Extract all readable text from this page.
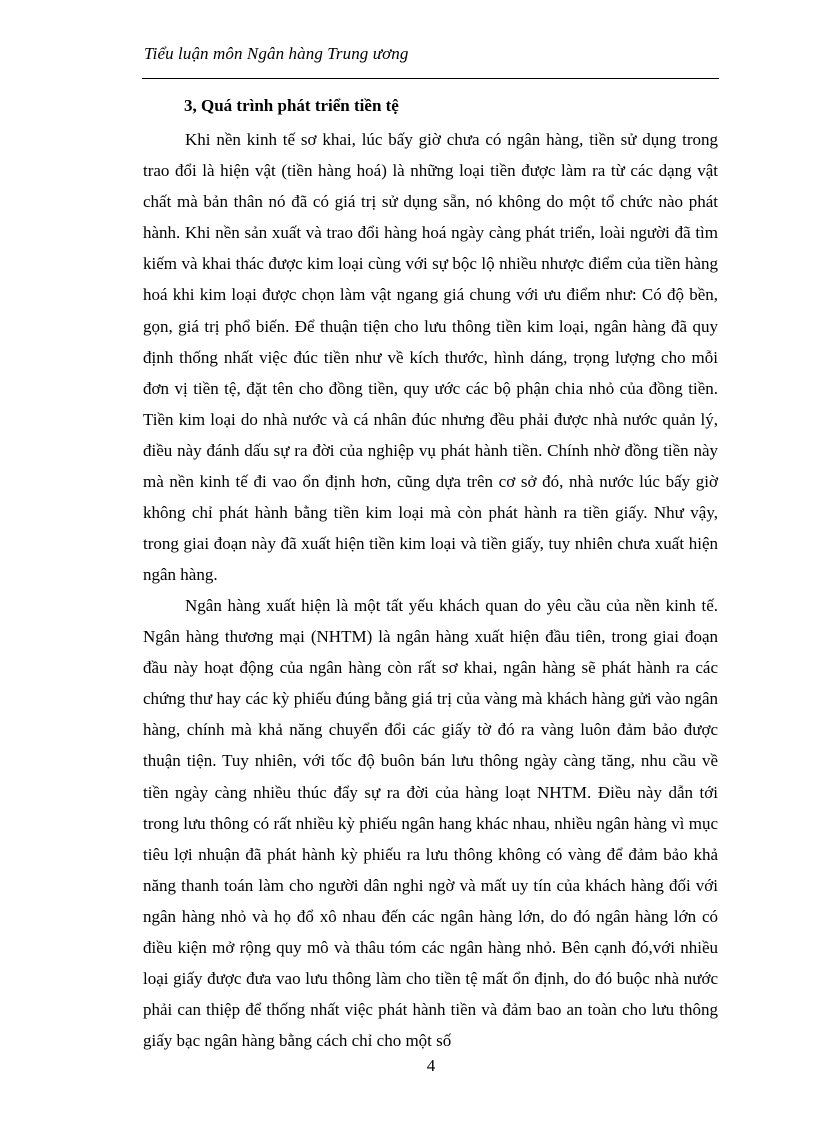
Tiểu luận môn Ngân hàng Trung ương
3, Quá trình phát triển tiền tệ

Khi nền kinh tế sơ khai, lúc bấy giờ chưa có ngân hàng, tiền sử dụng trong trao đổi là hiện vật (tiền hàng hoá) là những loại tiền được làm ra từ các dạng vật chất mà bản thân nó đã có giá trị sử dụng sẵn, nó không do một tổ chức nào phát hành. Khi nền sản xuất và trao đổi hàng hoá ngày càng phát triển, loài người đã tìm kiếm và khai thác được kim loại cùng với sự bộc lộ nhiều nhược điểm của tiền hàng hoá khi kim loại được chọn làm vật ngang giá chung với ưu điểm như: Có độ bền, gọn, giá trị phổ biến. Để thuận tiện cho lưu thông tiền kim loại, ngân hàng đã quy định thống nhất việc đúc tiền như về kích thước, hình dáng, trọng lượng cho mỗi đơn vị tiền tệ, đặt tên cho đồng tiền, quy ước các bộ phận chia nhỏ của đồng tiền. Tiền kim loại do nhà nước và cá nhân đúc nhưng đều phải được nhà nước quản lý, điều này đánh dấu sự ra đời của nghiệp vụ phát hành tiền. Chính nhờ đồng tiền này mà nền kinh tế đi vao ổn định hơn, cũng dựa trên cơ sở đó, nhà nước lúc bấy giờ không chỉ phát hành bằng tiền kim loại mà còn phát hành ra tiền giấy. Như vậy, trong giai đoạn này đã xuất hiện tiền kim loại và tiền giấy, tuy nhiên chưa xuất hiện ngân hàng.

Ngân hàng xuất hiện là một tất yếu khách quan do yêu cầu của nền kinh tế. Ngân hàng thương mại (NHTM) là ngân hàng xuất hiện đầu tiên, trong giai đoạn đầu này hoạt động của ngân hàng còn rất sơ khai, ngân hàng sẽ phát hành ra các chứng thư hay các kỳ phiếu đúng bằng giá trị của vàng mà khách hàng gửi vào ngân hàng, chính mà khả năng chuyển đổi các giấy tờ đó ra vàng luôn đảm bảo được thuận tiện. Tuy nhiên, với tốc độ buôn bán lưu thông ngày càng tăng, nhu cầu về tiền ngày càng nhiều thúc đẩy sự ra đời của hàng loạt NHTM. Điều này dẫn tới trong lưu thông có rất nhiều kỳ phiếu ngân hang khác nhau, nhiều ngân hàng vì mục tiêu lợi nhuận đã phát hành kỳ phiếu ra lưu thông không có vàng để đảm bảo khả năng thanh toán làm cho người dân nghi ngờ và mất uy tín của khách hàng đối với ngân hàng nhỏ và họ đổ xô nhau đến các ngân hàng lớn, do đó ngân hàng lớn có điều kiện mở rộng quy mô và thâu tóm các ngân hàng nhỏ. Bên cạnh đó,với nhiều loại giấy được đưa vao lưu thông làm cho tiền tệ mất ổn định, do đó buộc nhà nước phải can thiệp để thống nhất việc phát hành tiền và đảm bao an toàn cho lưu thông giấy bạc ngân hàng bằng cách chỉ cho một số

4
